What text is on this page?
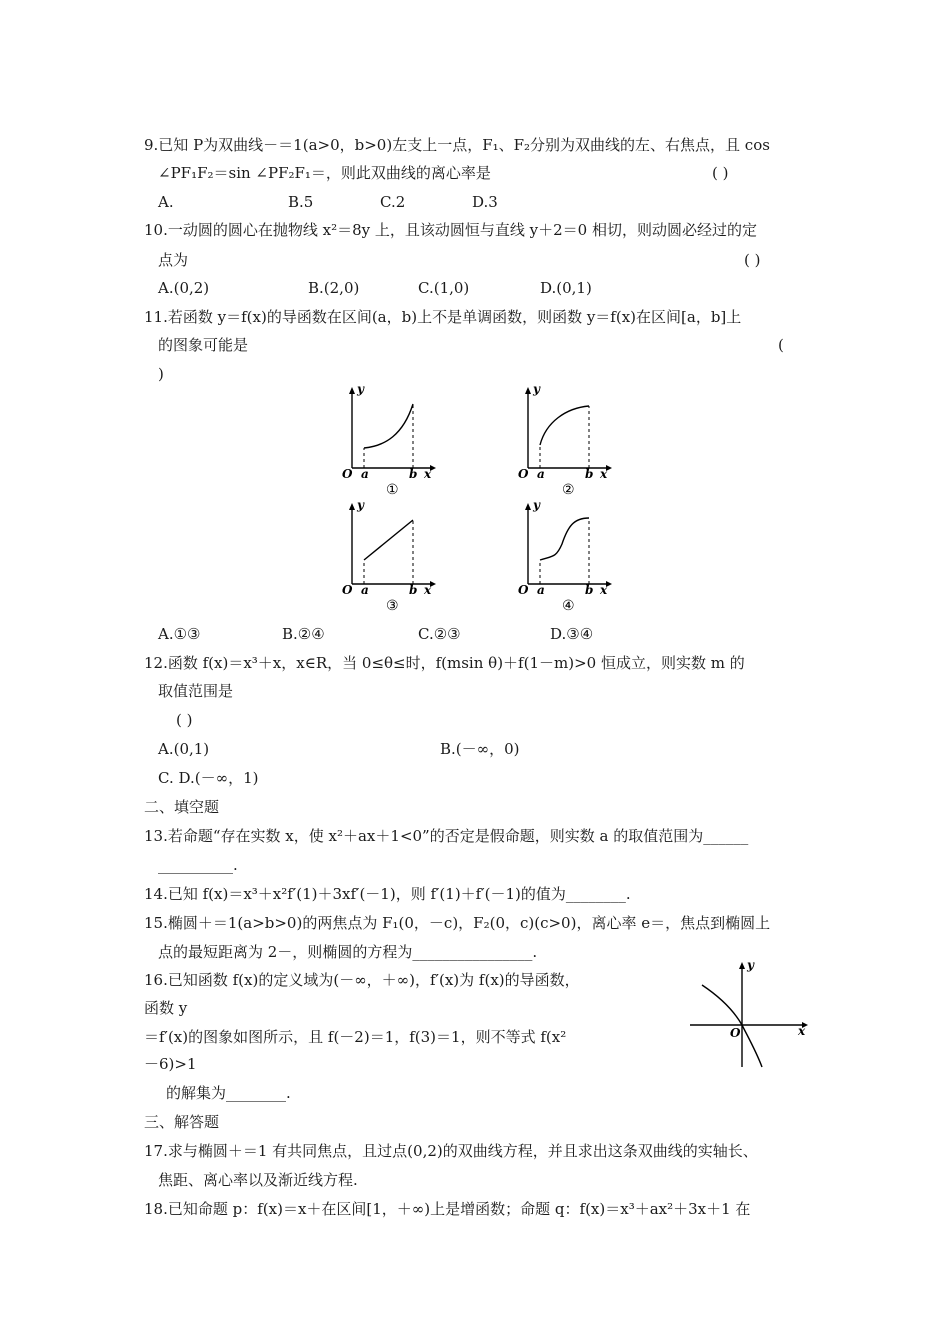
9.已知 P为双曲线－＝1(a>0，b>0)左支上一点，F₁、F₂分别为双曲线的左、右焦点，且 cos
∠PF₁F₂＝sin ∠PF₂F₁＝，则此双曲线的离心率是	( )
A.	B.5	C.2	D.3
10.一动圆的圆心在抛物线 x²＝8y 上，且该动圆恒与直线 y＋2＝0 相切，则动圆必经过的定
点为	( )
A.(0,2)	B.(2,0)	C.(1,0)	D.(0,1)
11.若函数 y＝f(x)的导函数在区间(a，b)上不是单调函数，则函数 y＝f(x)在区间[a，b]上
的图象可能是	(
)
y
O a	b x
①
y
O a	b x
②
y
O a	b x
③
y
O a	b x
④
A.①③	B.②④	C.②③	D.③④
12.函数 f(x)＝x³＋x，x∈R，当 0≤θ≤时，f(msin θ)＋f(1－m)>0 恒成立，则实数 m 的
取值范围是
( )
A.(0,1)	B.(－∞，0)
C. D.(－∞，1)
二、填空题
13.若命题“存在实数 x，使 x²＋ax＋1<0”的否定是假命题，则实数 a 的取值范围为______
__________.
14.已知 f(x)＝x³＋x²f′(1)＋3xf′(－1)，则 f′(1)＋f′(－1)的值为________.
15.椭圆＋＝1(a>b>0)的两焦点为 F₁(0，－c)，F₂(0，c)(c>0)，离心率 e＝，焦点到椭圆上
点的最短距离为 2－，则椭圆的方程为________________.
16.已知函数 f(x)的定义域为(－∞，＋∞)，f′(x)为 f(x)的导函数，
函数 y
＝f′(x)的图象如图所示，且 f(－2)＝1，f(3)＝1，则不等式 f(x²
－6)>1
的解集为________.
y
O	x
三、解答题
17.求与椭圆＋＝1 有共同焦点，且过点(0,2)的双曲线方程，并且求出这条双曲线的实轴长、
焦距、离心率以及渐近线方程.
18.已知命题 p：f(x)＝x＋在区间[1，＋∞)上是增函数；命题 q：f(x)＝x³＋ax²＋3x＋1 在
